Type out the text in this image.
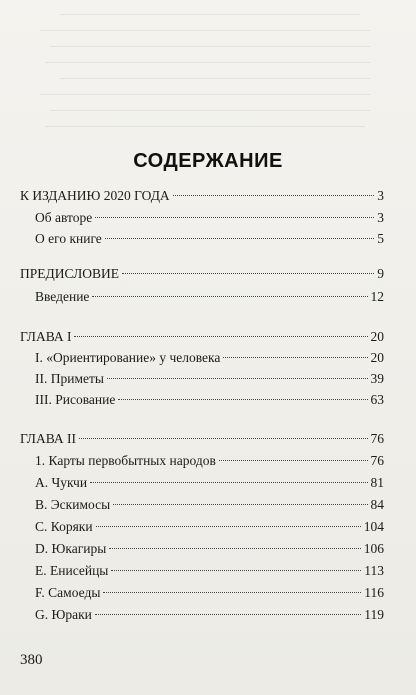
СОДЕРЖАНИЕ
К ИЗДАНИЮ 2020 ГОДА	3
Об авторе	3
О его книге	5
ПРЕДИСЛОВИЕ	9
Введение	12
ГЛАВА I	20
I. «Ориентирование» у человека	20
II. Приметы	39
III. Рисование	63
ГЛАВА II	76
1. Карты первобытных народов	76
A. Чукчи	81
B. Эскимосы	84
C. Коряки	104
D. Юкагиры	106
E. Енисейцы	113
F. Самоеды	116
G. Юраки	119
380
